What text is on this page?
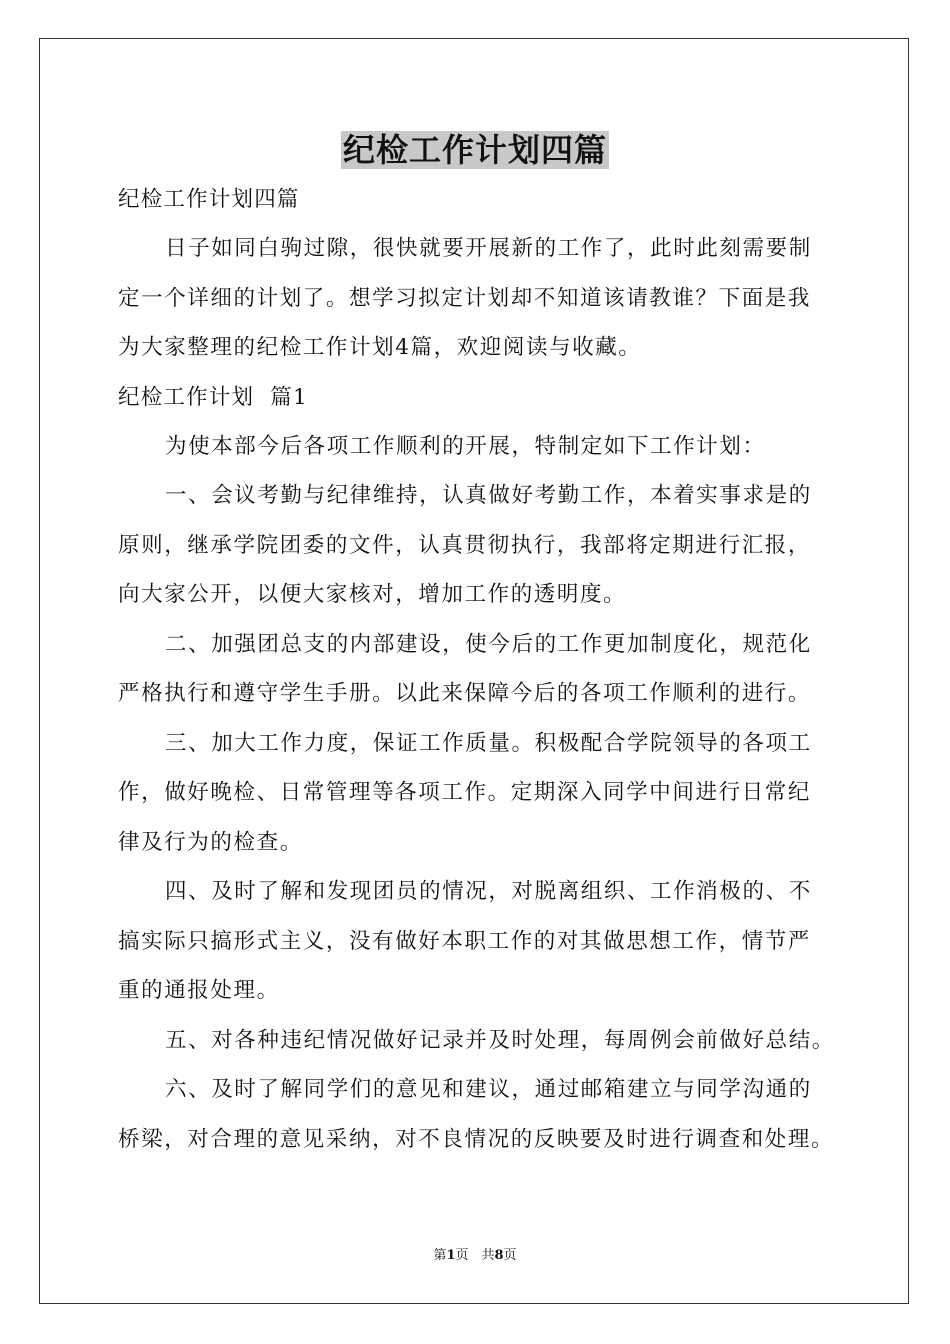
纪检工作计划四篇
纪检工作计划四篇
日子如同白驹过隙，很快就要开展新的工作了，此时此刻需要制
定一个详细的计划了。想学习拟定计划却不知道该请教谁？下面是我
为大家整理的纪检工作计划4篇，欢迎阅读与收藏。
纪检工作计划  篇1
为使本部今后各项工作顺利的开展，特制定如下工作计划：
一、会议考勤与纪律维持，认真做好考勤工作，本着实事求是的
原则，继承学院团委的文件，认真贯彻执行，我部将定期进行汇报，
向大家公开，以便大家核对，增加工作的透明度。
二、加强团总支的内部建设，使今后的工作更加制度化，规范化
严格执行和遵守学生手册。以此来保障今后的各项工作顺利的进行。
三、加大工作力度，保证工作质量。积极配合学院领导的各项工
作，做好晚检、日常管理等各项工作。定期深入同学中间进行日常纪
律及行为的检查。
四、及时了解和发现团员的情况，对脱离组织、工作消极的、不
搞实际只搞形式主义，没有做好本职工作的对其做思想工作，情节严
重的通报处理。
五、对各种违纪情况做好记录并及时处理，每周例会前做好总结。
六、及时了解同学们的意见和建议，通过邮箱建立与同学沟通的
桥梁，对合理的意见采纳，对不良情况的反映要及时进行调查和处理。
第1页　共8页
